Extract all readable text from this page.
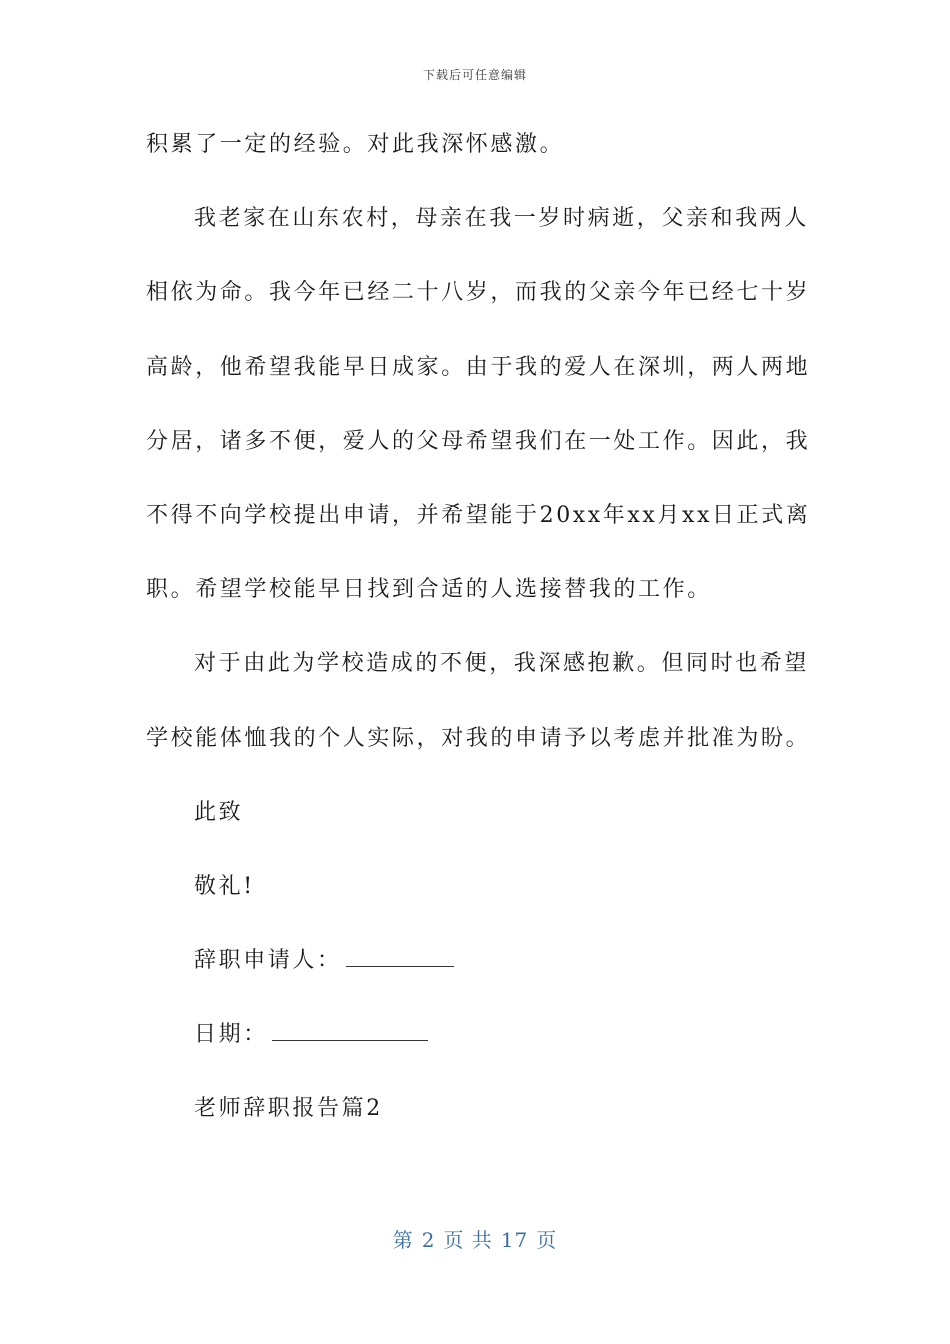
下载后可任意编辑
积累了一定的经验。对此我深怀感激。
我老家在山东农村，母亲在我一岁时病逝，父亲和我两人
相依为命。我今年已经二十八岁，而我的父亲今年已经七十岁
高龄，他希望我能早日成家。由于我的爱人在深圳，两人两地
分居，诸多不便，爱人的父母希望我们在一处工作。因此，我
不得不向学校提出申请，并希望能于20xx年xx月xx日正式离
职。希望学校能早日找到合适的人选接替我的工作。
对于由此为学校造成的不便，我深感抱歉。但同时也希望
学校能体恤我的个人实际，对我的申请予以考虑并批准为盼。
此致
敬礼!
辞职申请人：
日期：
老师辞职报告篇2
第 2 页 共 17 页
